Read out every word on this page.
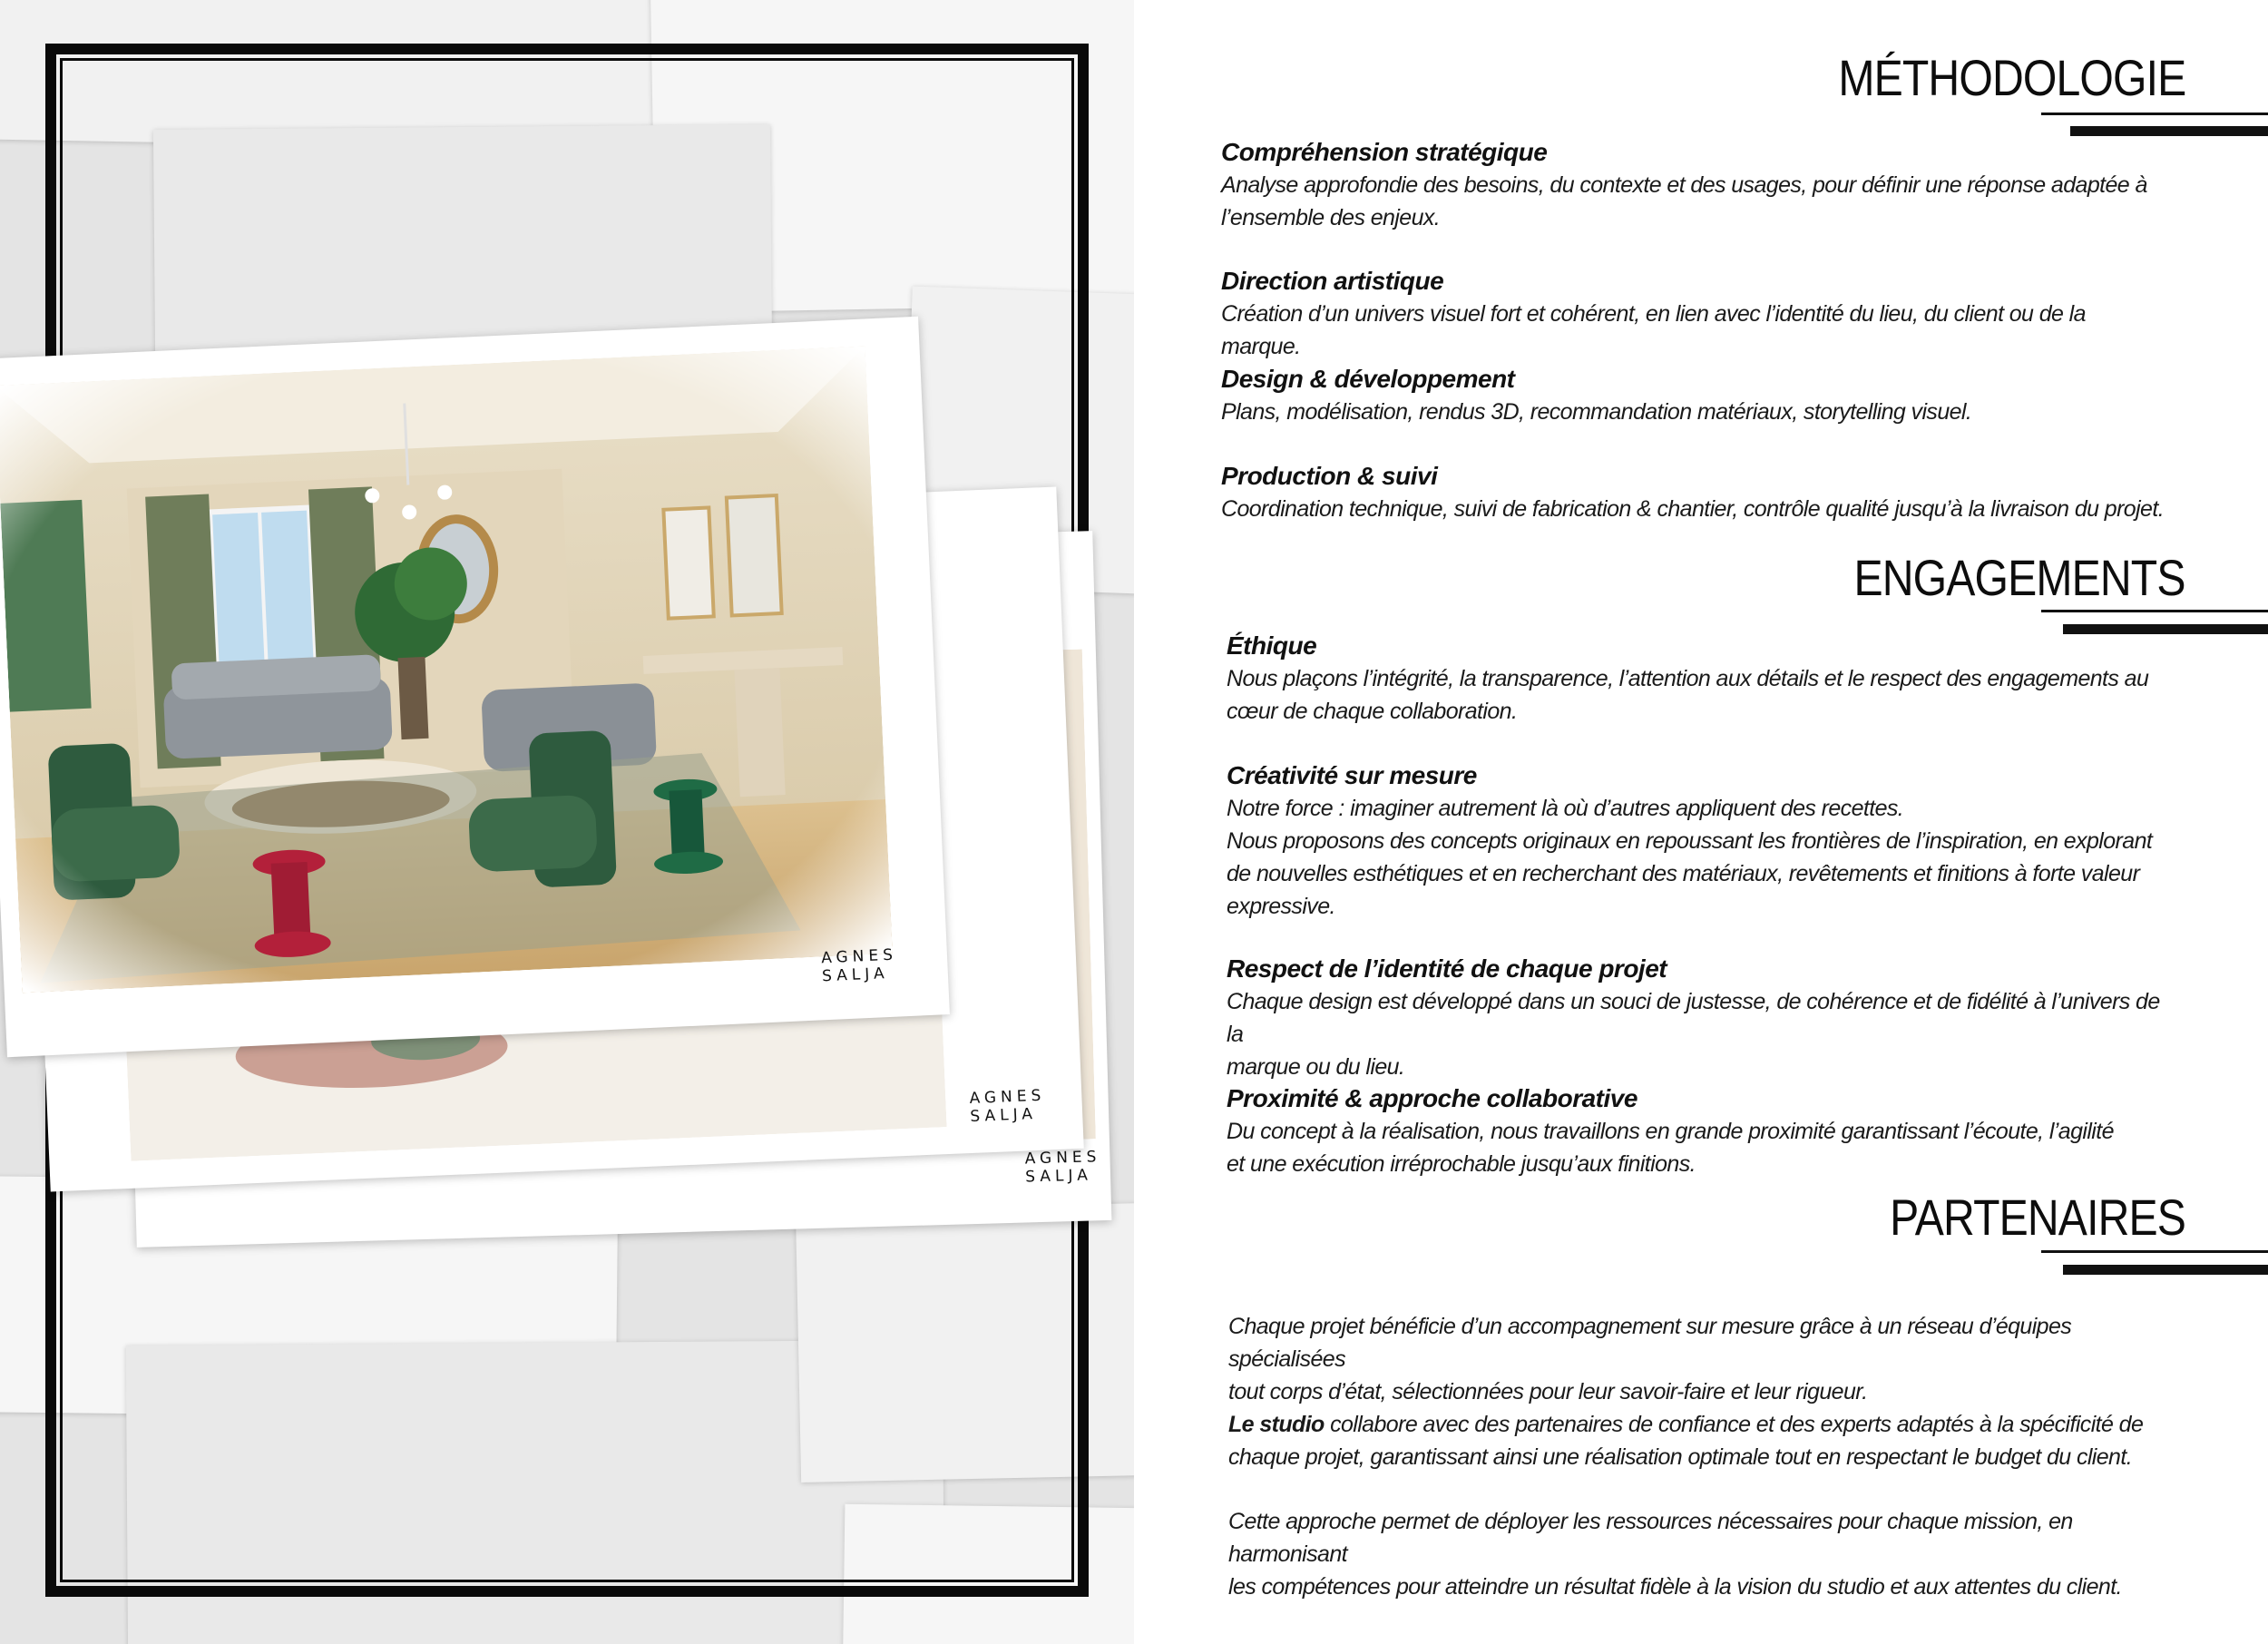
AGNES
SALJA
AGNES
SALJA
AGNES
SALJA
MÉTHODOLOGIE
Compréhension stratégique
Analyse approfondie des besoins, du contexte et des usages, pour définir une réponse adaptée à
l’ensemble des enjeux.
Direction artistique
Création d’un univers visuel fort et cohérent, en lien avec l’identité du lieu, du client ou de la marque.
Design & développement
Plans, modélisation, rendus 3D, recommandation matériaux, storytelling visuel.
Production & suivi
Coordination technique, suivi de fabrication & chantier, contrôle qualité jusqu’à la livraison du projet.
ENGAGEMENTS
Éthique
Nous plaçons l’intégrité, la transparence, l’attention aux détails et le respect des engagements au
cœur de chaque collaboration.
Créativité sur mesure
Notre force : imaginer autrement là où d’autres appliquent des recettes.
Nous proposons des concepts originaux en repoussant les frontières de l’inspiration, en explorant
de nouvelles esthétiques et en recherchant des matériaux, revêtements et finitions à forte valeur
expressive.
Respect de l’identité de chaque projet
Chaque design est développé dans un souci de justesse, de cohérence et de fidélité à l’univers de la
marque ou du lieu.
Proximité & approche collaborative
Du concept à la réalisation, nous travaillons en grande proximité garantissant l’écoute, l’agilité
et une exécution irréprochable jusqu’aux finitions.
PARTENAIRES
Chaque projet bénéficie d’un accompagnement sur mesure grâce à un réseau d’équipes spécialisées
tout corps d’état, sélectionnées pour leur savoir-faire et leur rigueur.
Le studio collabore avec des partenaires de confiance et des experts adaptés à la spécificité de
chaque projet, garantissant ainsi une réalisation optimale tout en respectant le budget du client.
Cette approche permet de déployer les ressources nécessaires pour chaque mission, en harmonisant
les compétences pour atteindre un résultat fidèle à la vision du studio et aux attentes du client.
